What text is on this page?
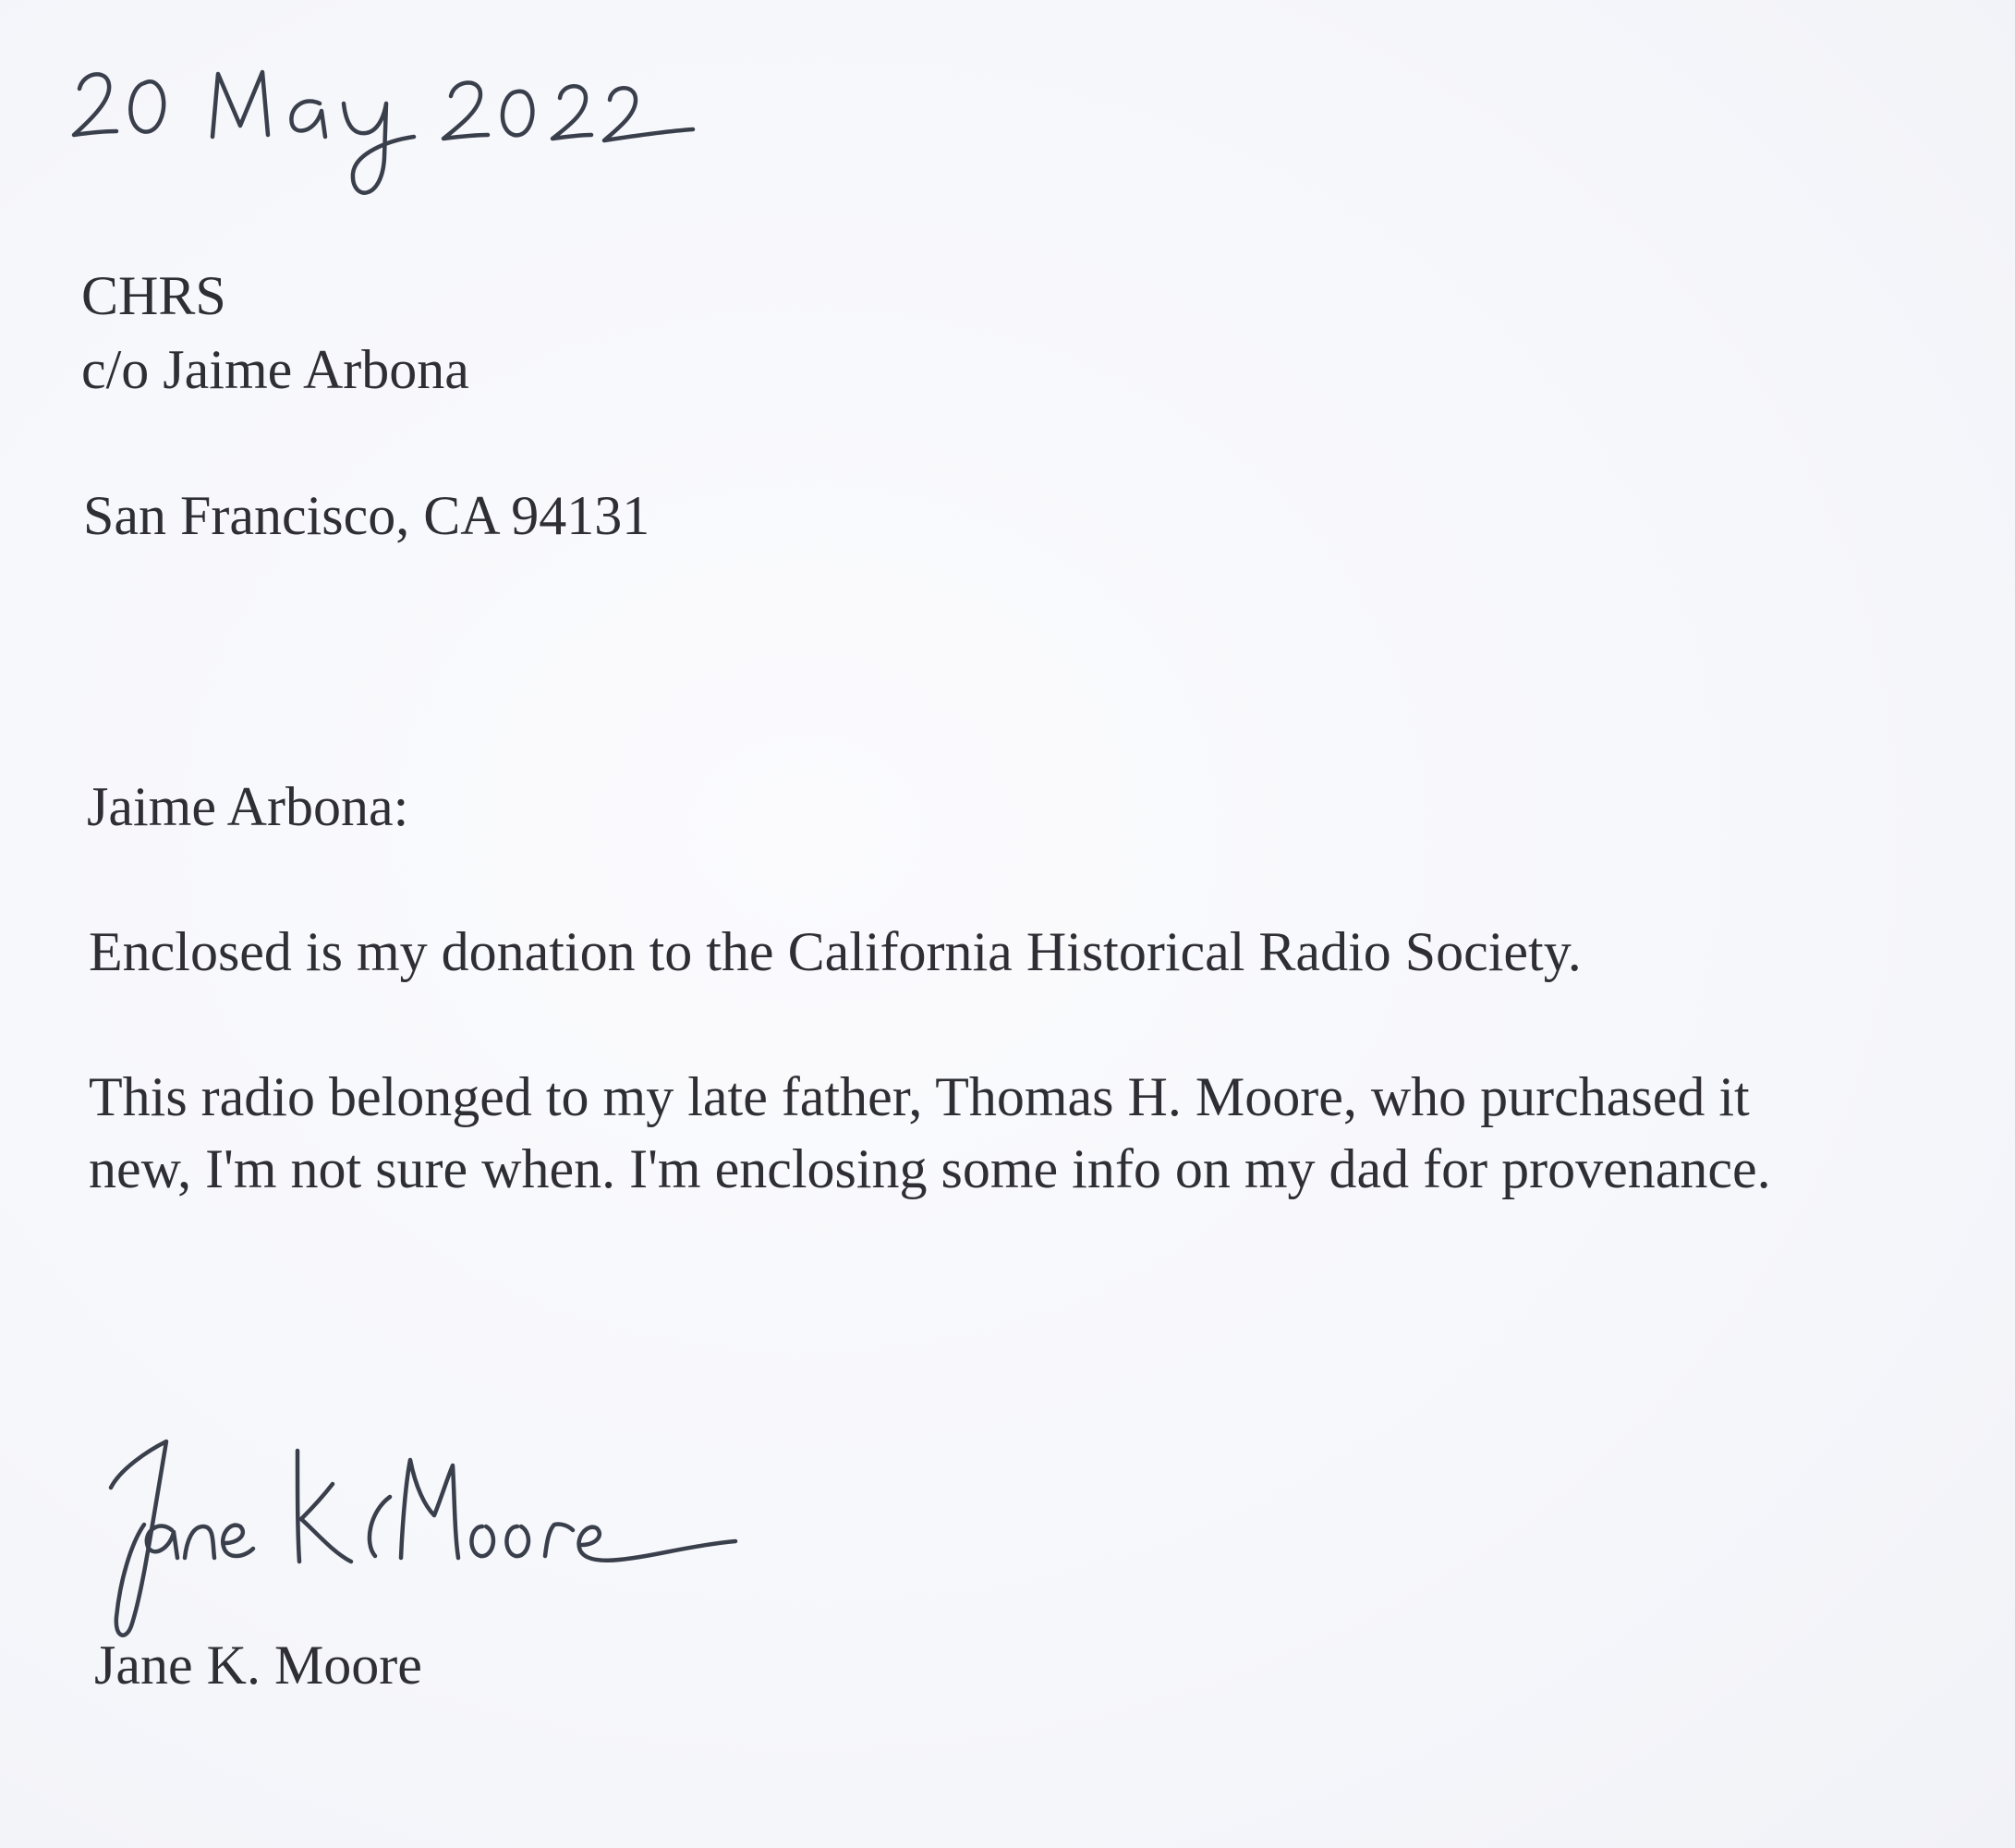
CHRS
c/o Jaime Arbona
San Francisco, CA 94131
Jaime Arbona:
Enclosed is my donation to the California Historical Radio Society.
This radio belonged to my late father, Thomas H. Moore, who purchased it
new, I'm not sure when. I'm enclosing some info on my dad for provenance.
Jane K. Moore
